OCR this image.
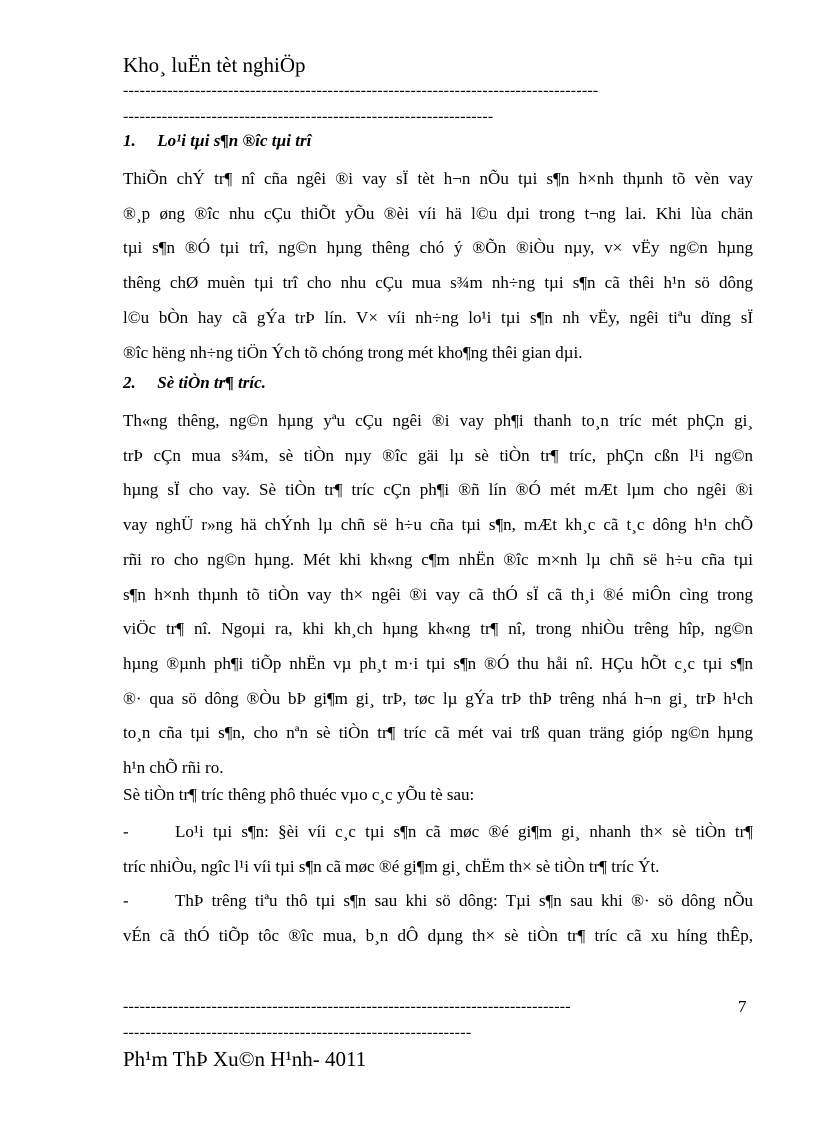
Kho¸ luËn tèt nghiÖp
--------------------------------------------------------------------------------------
-------------------------------------------------------------------
1. Lo¹i tµi s¶n ®îc tµi trî

ThiÕn chÝ tr¶ nî cña ngêi ®i vay sÏ tèt h¬n nÕu tµi s¶n h×nh thµnh tõ vèn vay

®¸p øng ®îc nhu cÇu thiÕt yÕu ®èi víi hä l©u dµi trong t¬ng lai. Khi lùa chän

tµi s¶n ®Ó tµi trî, ng©n hµng thêng chó ý ®Õn ®iÒu nµy, v× vËy ng©n hµng

thêng chØ muèn tµi trî cho nhu cÇu mua s¾m nh÷ng tµi s¶n cã thêi h¹n sö dông

l©u bÒn hay cã gÝa trÞ lín. V× víi nh÷ng lo¹i tµi s¶n nh vËy, ngêi tiªu dïng sÏ

®îc hëng nh÷ng tiÖn Ých tõ chóng trong mét kho¶ng thêi gian dµi.

2. Sè tiÒn tr¶ tríc.

Th«ng thêng, ng©n hµng yªu cÇu ngêi ®i vay ph¶i thanh to¸n tríc mét phÇn gi¸

trÞ cÇn mua s¾m, sè tiÒn nµy ®îc gäi lµ sè tiÒn tr¶ tríc, phÇn cßn l¹i ng©n

hµng sÏ cho vay. Sè tiÒn tr¶ tríc cÇn ph¶i ®ñ lín ®Ó mét mÆt lµm cho ngêi ®i

vay nghÜ r»ng hä chÝnh lµ chñ së h÷u cña tµi s¶n, mÆt kh¸c cã t¸c dông h¹n chÕ

rñi ro cho ng©n hµng. Mét khi kh«ng c¶m nhËn ®îc m×nh lµ chñ së h÷u cña tµi

s¶n h×nh thµnh tõ tiÒn vay th× ngêi ®i vay cã thÓ sÏ cã th¸i ®é miÔn cìng trong

viÖc tr¶ nî. Ngoµi ra, khi kh¸ch hµng kh«ng tr¶ nî, trong nhiÒu trêng hîp, ng©n

hµng ®µnh ph¶i tiÕp nhËn vµ ph¸t m·i tµi s¶n ®Ó thu håi nî. HÇu hÕt c¸c tµi s¶n

®· qua sö dông ®Òu bÞ gi¶m gi¸ trÞ, tøc lµ gÝa trÞ thÞ trêng nhá h¬n gi¸ trÞ h¹ch

to¸n cña tµi s¶n, cho nªn sè tiÒn tr¶ tríc cã mét vai trß quan träng gióp ng©n hµng

h¹n chÕ rñi ro.

Sè tiÒn tr¶ tríc thêng phô thuéc vµo c¸c yÕu tè sau:
-	Lo¹i tµi s¶n: §èi víi c¸c tµi s¶n cã møc ®é gi¶m gi¸ nhanh th× sè tiÒn tr¶

tríc nhiÒu, ngîc l¹i víi tµi s¶n cã møc ®é gi¶m gi¸ chËm th× sè tiÒn tr¶ tríc Ýt.

-	ThÞ trêng tiªu thô tµi s¶n sau khi sö dông: Tµi s¶n sau khi ®· sö dông nÕu

vÉn cã thÓ tiÕp tôc ®îc mua, b¸n dÔ dµng th× sè tiÒn tr¶ tríc cã xu híng thÊp,

---------------------------------------------------------------------------------	7
---------------------------------------------------------------
Ph¹m ThÞ Xu©n H¹nh- 4011
